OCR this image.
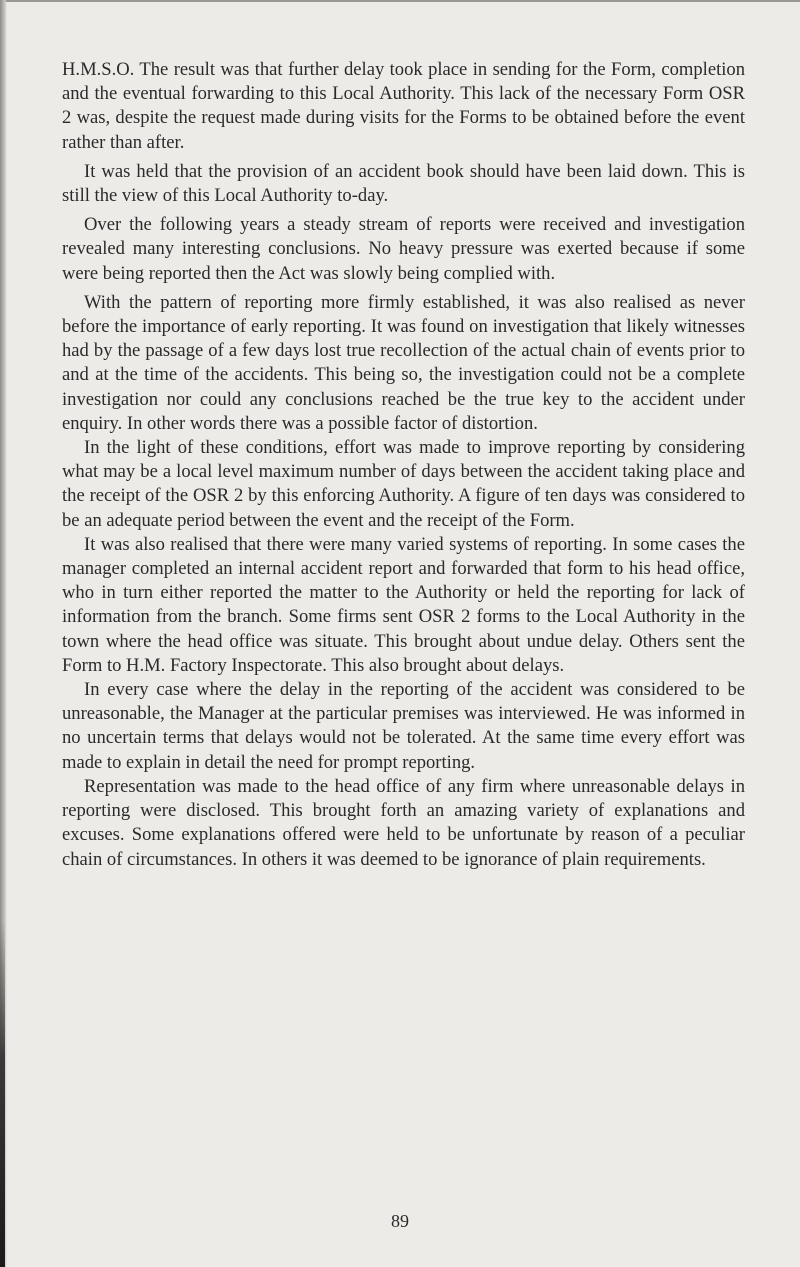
H.M.S.O. The result was that further delay took place in sending for the Form, completion and the eventual forwarding to this Local Authority. This lack of the necessary Form OSR 2 was, despite the request made during visits for the Forms to be obtained before the event rather than after.

It was held that the provision of an accident book should have been laid down. This is still the view of this Local Authority to-day.

Over the following years a steady stream of reports were received and investigation revealed many interesting conclusions. No heavy pressure was exerted because if some were being reported then the Act was slowly being complied with.

With the pattern of reporting more firmly established, it was also realised as never before the importance of early reporting. It was found on investigation that likely witnesses had by the passage of a few days lost true recollection of the actual chain of events prior to and at the time of the accidents. This being so, the investigation could not be a complete investigation nor could any conclusions reached be the true key to the accident under enquiry. In other words there was a possible factor of distortion.

In the light of these conditions, effort was made to improve reporting by considering what may be a local level maximum number of days between the accident taking place and the receipt of the OSR 2 by this enforcing Authority. A figure of ten days was considered to be an adequate period between the event and the receipt of the Form.

It was also realised that there were many varied systems of reporting. In some cases the manager completed an internal accident report and forwarded that form to his head office, who in turn either reported the matter to the Authority or held the reporting for lack of information from the branch. Some firms sent OSR 2 forms to the Local Authority in the town where the head office was situate. This brought about undue delay. Others sent the Form to H.M. Factory Inspectorate. This also brought about delays.

In every case where the delay in the reporting of the accident was considered to be unreasonable, the Manager at the particular premises was interviewed. He was informed in no uncertain terms that delays would not be tolerated. At the same time every effort was made to explain in detail the need for prompt reporting.

Representation was made to the head office of any firm where unreasonable delays in reporting were disclosed. This brought forth an amazing variety of explanations and excuses. Some explanations offered were held to be unfortunate by reason of a peculiar chain of circumstances. In others it was deemed to be ignorance of plain requirements.

89
